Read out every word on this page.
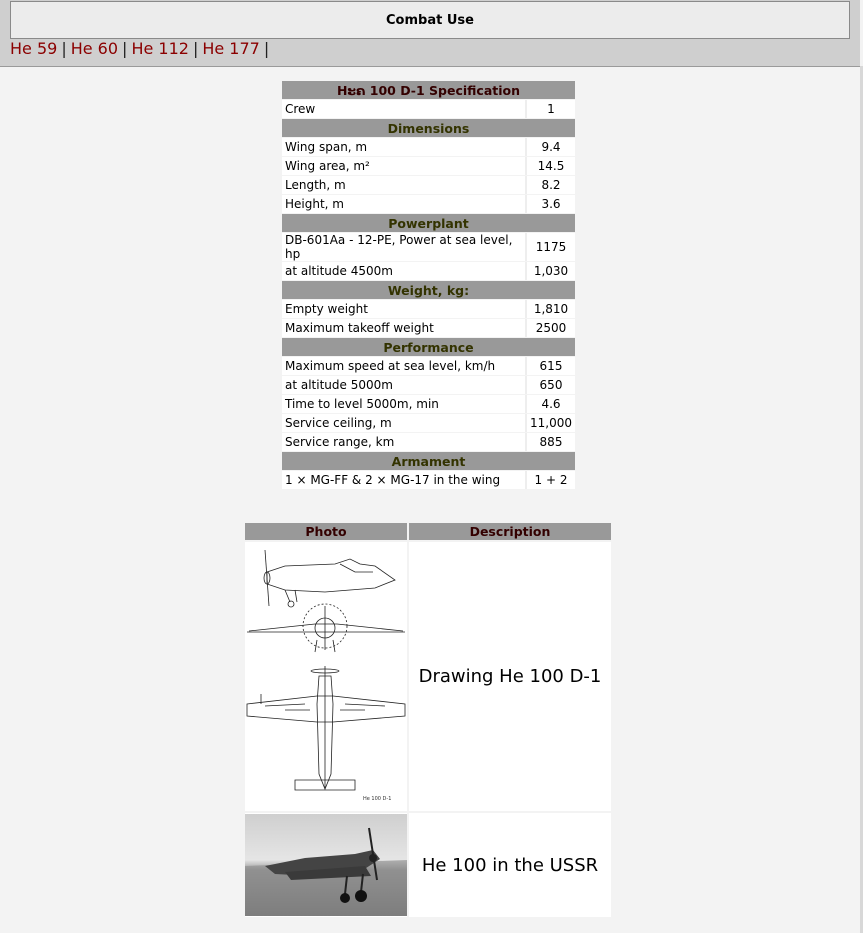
Combat Use
He 59 | He 60 | He 112 | He 177 |
Hະຄ 100 D-1 Specification	
Crew	1
Dimensions	
Wing span, m	9.4
Wing area, m²	14.5
Length, m	8.2
Height, m	3.6
Powerplant	
DB-601Aa - 12-PE, Power at sea level, hp	1175
at altitude 4500m	1,030
Weight, kg:	
Empty weight	1,810
Maximum takeoff weight	2500
Performance	
Maximum speed at sea level, km/h	615
at altitude 5000m	650
Time to level 5000m, min	4.6
Service ceiling, m	11,000
Service range, km	885
Armament	
1 × MG-FF & 2 × MG-17 in the wing	1 + 2
Photo	Description

He 100 D-1	Drawing He 100 D-1

	He 100 in the USSR
